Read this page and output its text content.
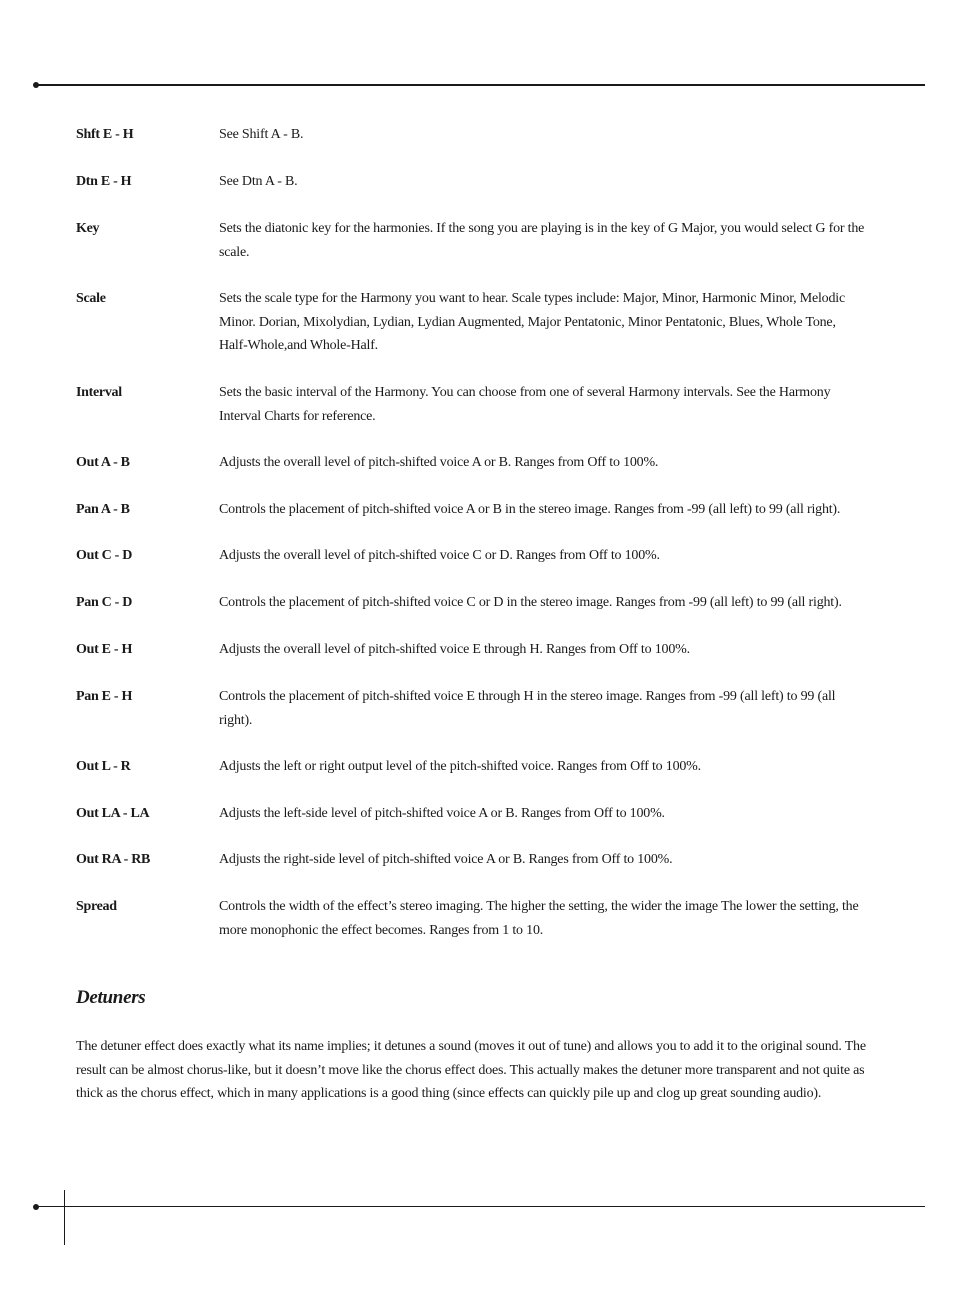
Shft E - H	See Shift A - B.
Dtn E - H	See Dtn A - B.
Key	Sets the diatonic key for the harmonies. If the song you are playing is in the key of G Major, you would select G for the scale.
Scale	Sets the scale type for the Harmony you want to hear. Scale types include: Major, Minor, Harmonic Minor, Melodic Minor. Dorian, Mixolydian, Lydian, Lydian Augmented, Major Pentatonic, Minor Pentatonic, Blues, Whole Tone, Half-Whole,and Whole-Half.
Interval	Sets the basic interval of the Harmony. You can choose from one of several Harmony intervals. See the Harmony Interval Charts for reference.
Out A - B	Adjusts the overall level of pitch-shifted voice A or B. Ranges from Off to 100%.
Pan A - B	Controls the placement of pitch-shifted voice A or B in the stereo image. Ranges from -99 (all left) to 99 (all right).
Out C - D	Adjusts the overall level of pitch-shifted voice C or D. Ranges from Off to 100%.
Pan C - D	Controls the placement of pitch-shifted voice C or D in the stereo image. Ranges from -99 (all left) to 99 (all right).
Out E - H	Adjusts the overall level of pitch-shifted voice E through H. Ranges from Off to 100%.
Pan E - H	Controls the placement of pitch-shifted voice E through H in the stereo image. Ranges from -99 (all left) to 99 (all right).
Out L - R	Adjusts the left or right output level of the pitch-shifted voice. Ranges from Off to 100%.
Out LA - LA	Adjusts the left-side level of pitch-shifted voice A or B. Ranges from Off to 100%.
Out RA - RB	Adjusts the right-side level of pitch-shifted voice A or B. Ranges from Off to 100%.
Spread	Controls the width of the effect’s stereo imaging. The higher the setting, the wider the image The lower the setting, the more monophonic the effect becomes. Ranges from 1 to 10.
Detuners
The detuner effect does exactly what its name implies; it detunes a sound (moves it out of tune) and allows you to add it to the original sound. The result can be almost chorus-like, but it doesn’t move like the chorus effect does. This actually makes the detuner more transparent and not quite as thick as the chorus effect, which in many applications is a good thing (since effects can quickly pile up and clog up great sounding audio).
